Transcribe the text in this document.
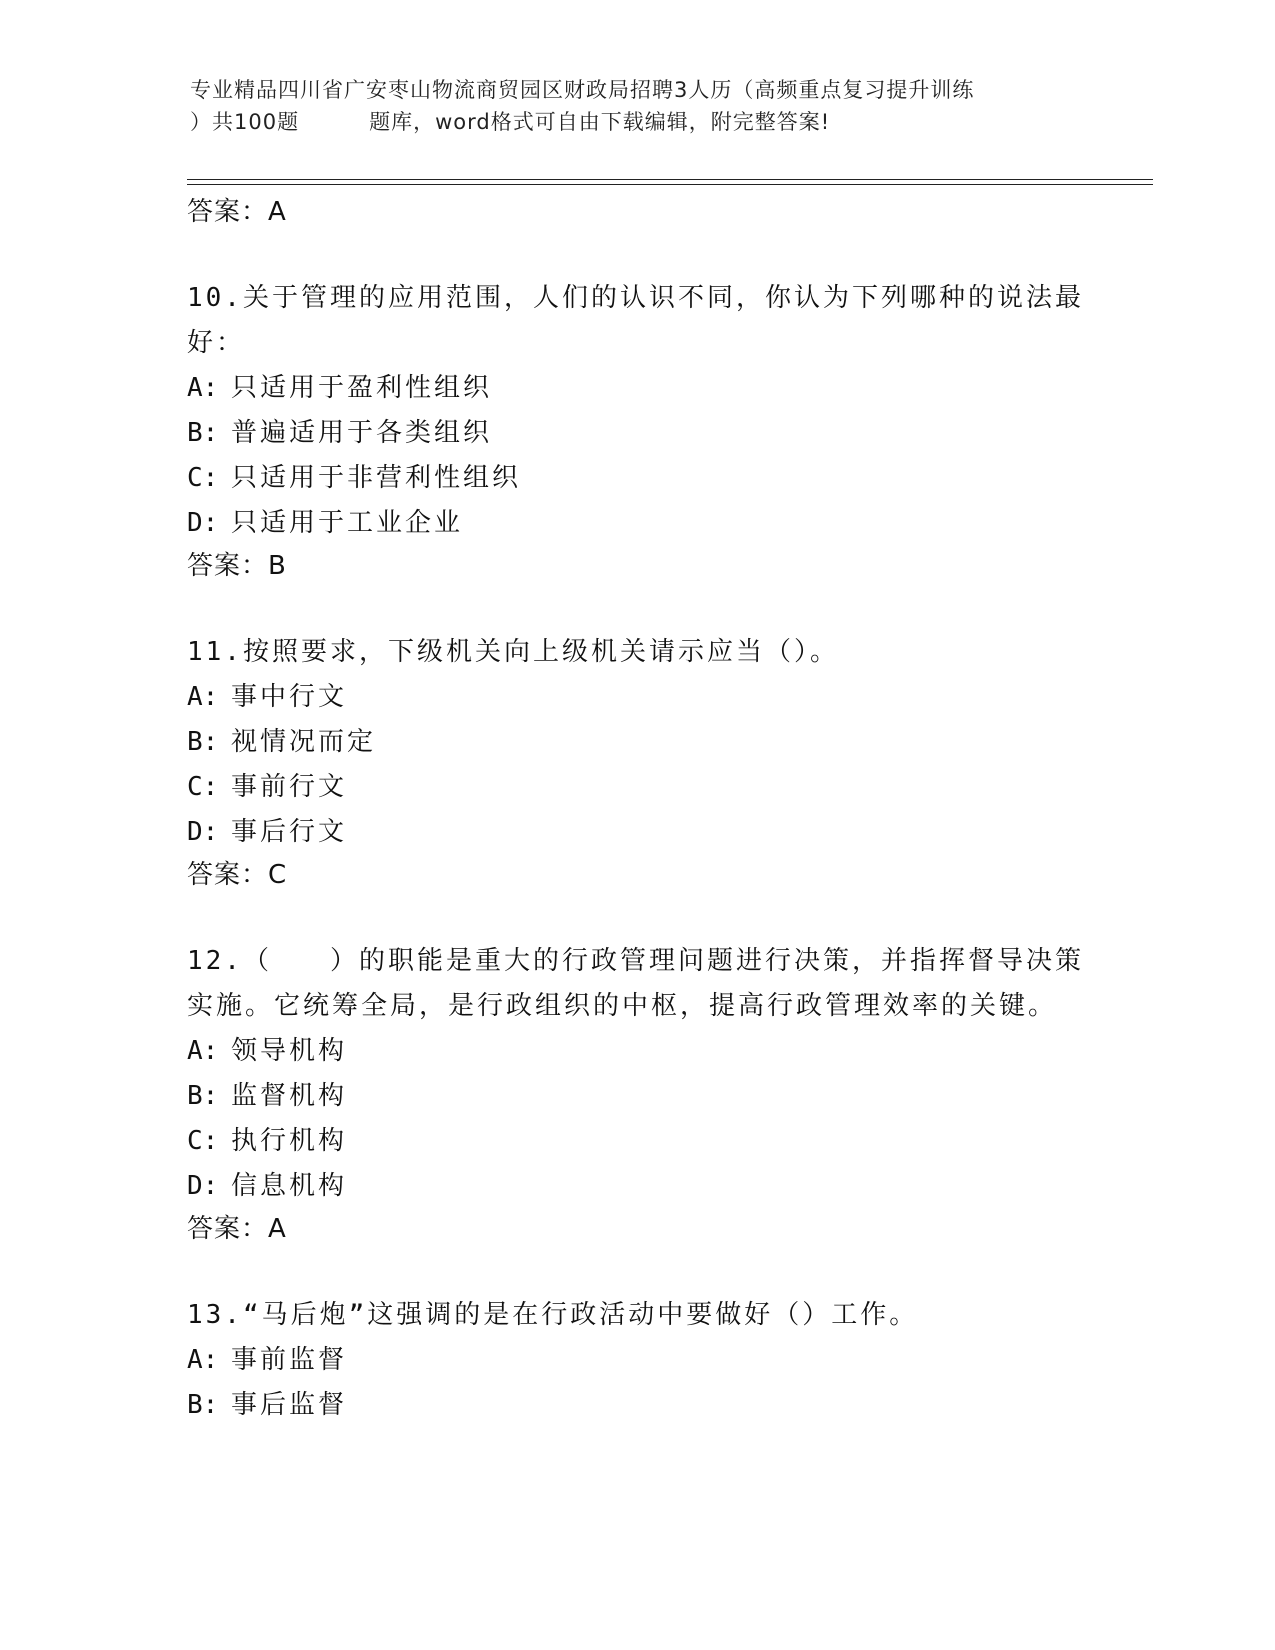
专业精品四川省广安枣山物流商贸园区财政局招聘3人历（高频重点复习提升训练
）共100题	题库，word格式可自由下载编辑，附完整答案!
答案：A
10.关于管理的应用范围，人们的认识不同，你认为下列哪种的说法最
好：
A: 只适用于盈利性组织
B: 普遍适用于各类组织
C: 只适用于非营利性组织
D: 只适用于工业企业
答案：B
11.按照要求，下级机关向上级机关请示应当（）。
A: 事中行文
B: 视情况而定
C: 事前行文
D: 事后行文
答案：C
12.（　　）的职能是重大的行政管理问题进行决策，并指挥督导决策
实施。它统筹全局，是行政组织的中枢，提高行政管理效率的关键。
A: 领导机构
B: 监督机构
C: 执行机构
D: 信息机构
答案：A
13.“马后炮”这强调的是在行政活动中要做好（）工作。
A: 事前监督
B: 事后监督
